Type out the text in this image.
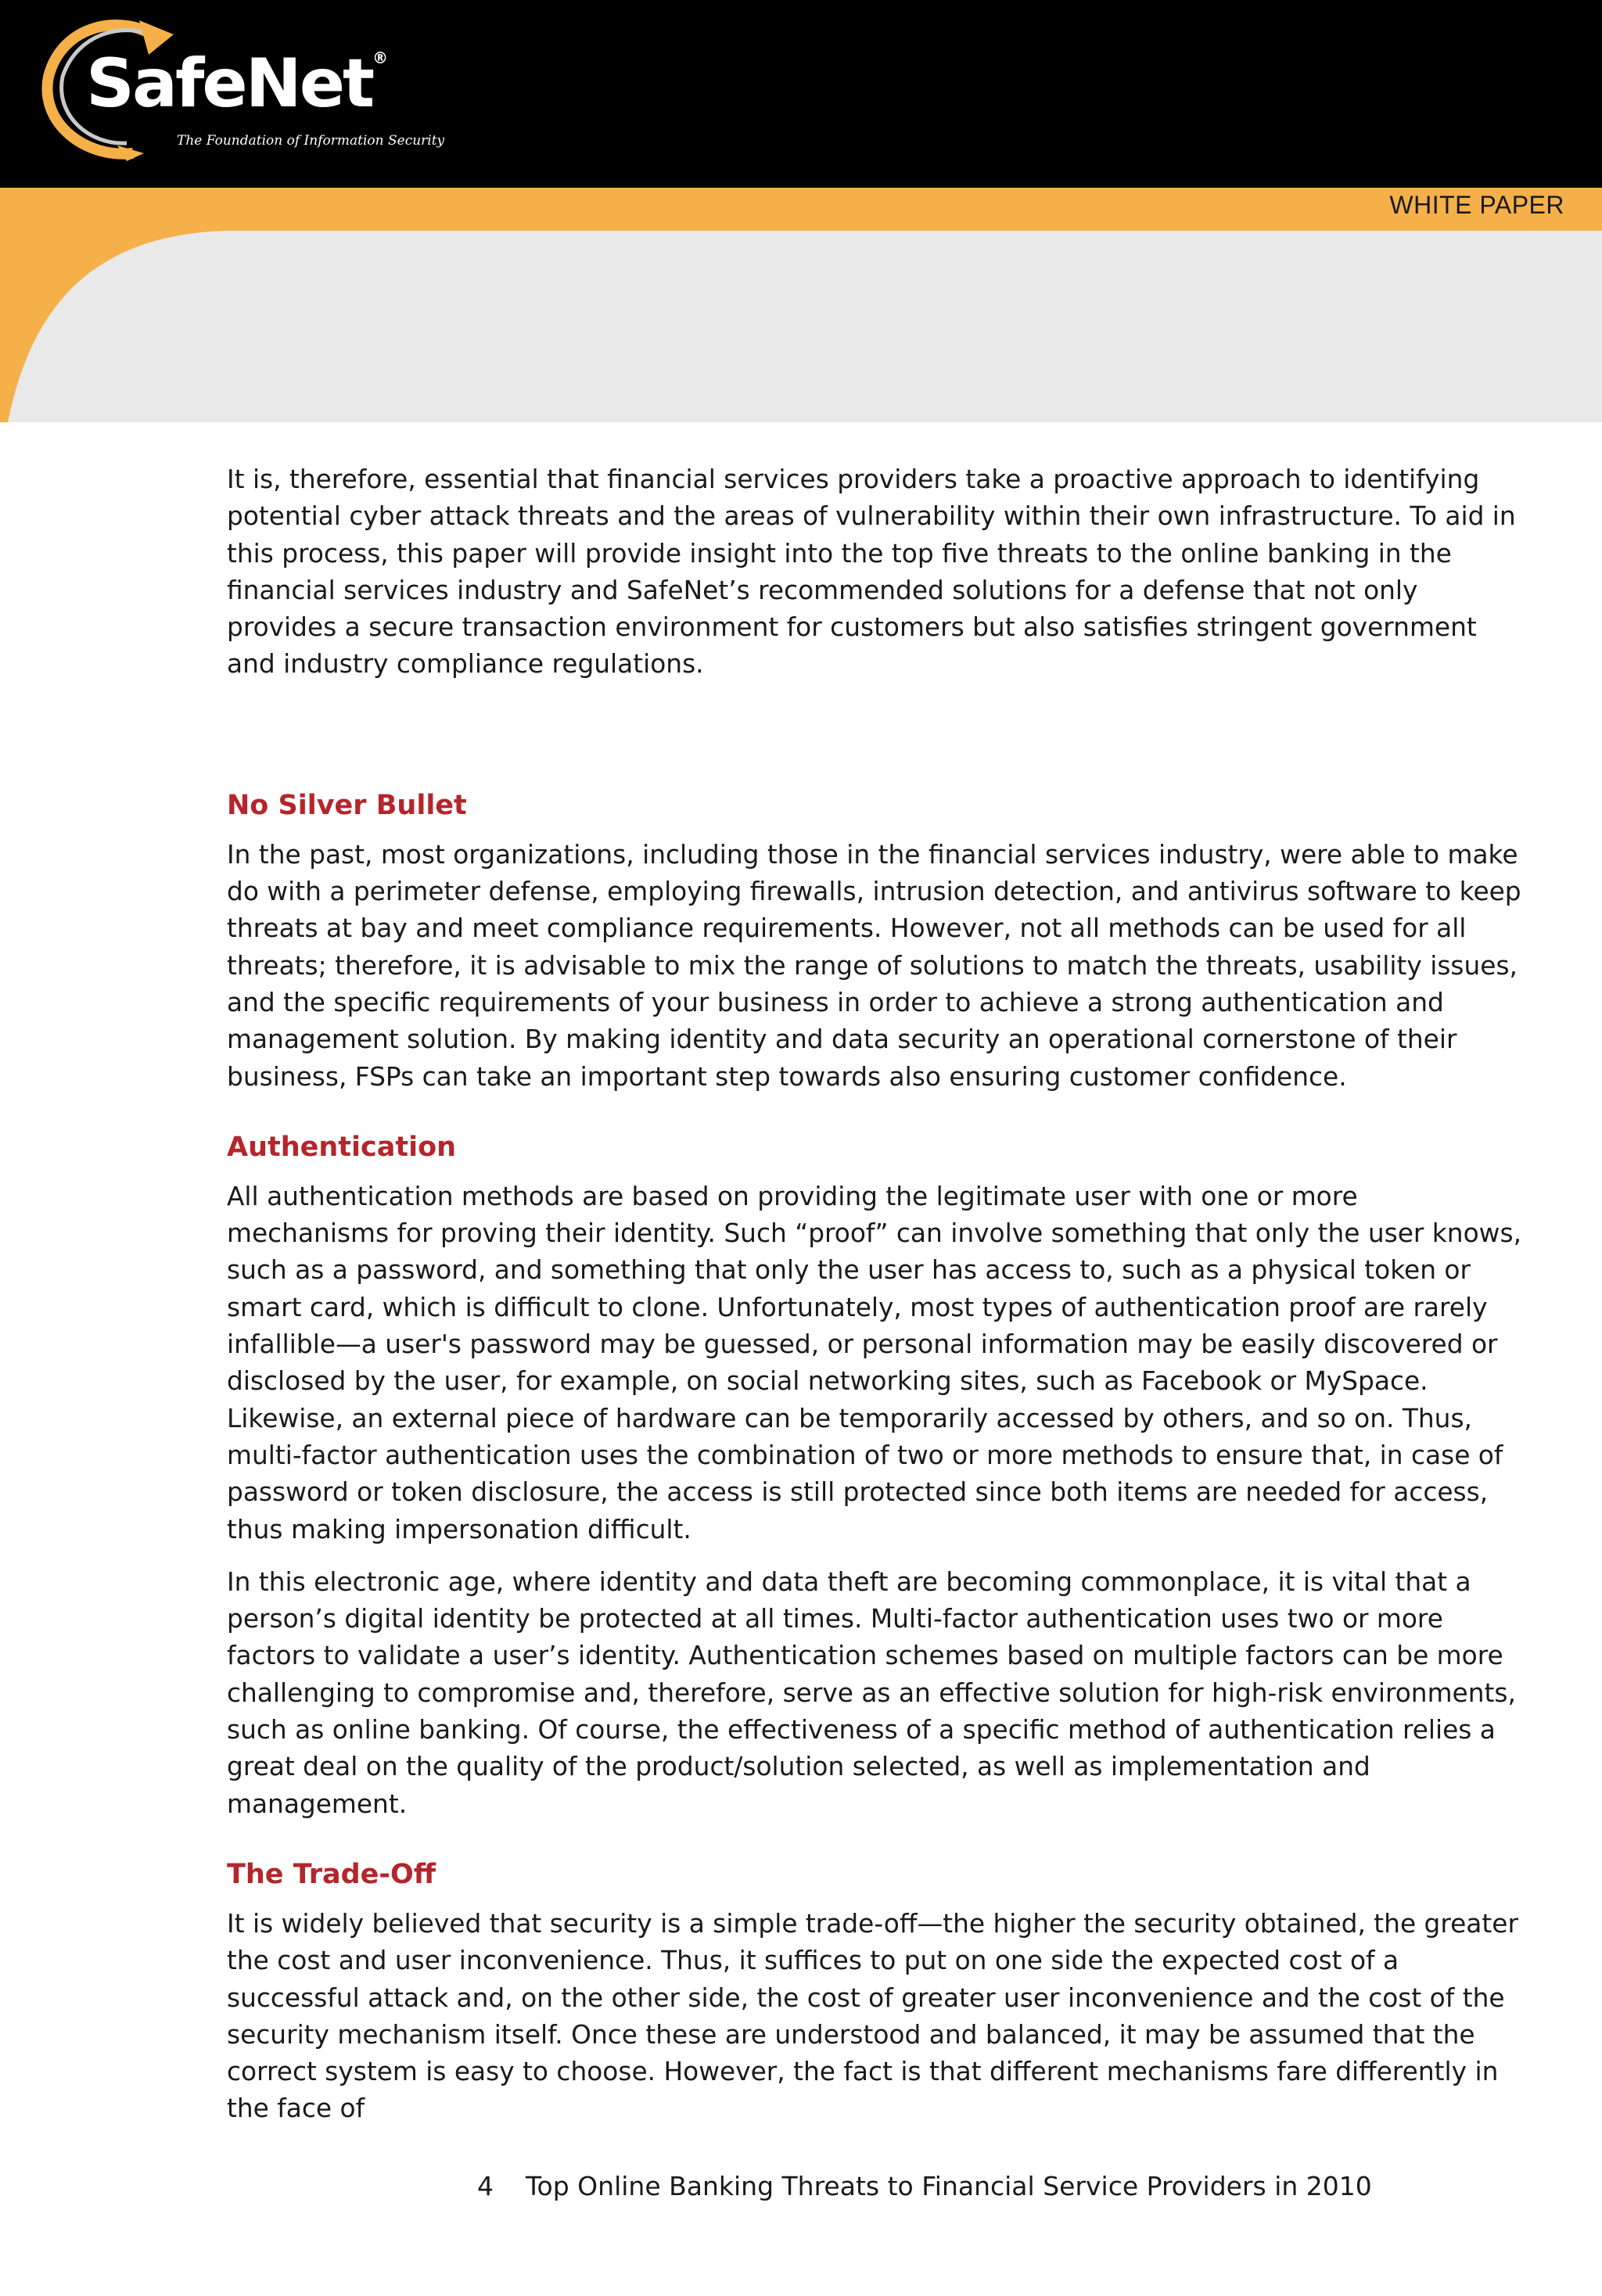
SafeNet®
The Foundation of Information Security
WHITE PAPER

It is, therefore, essential that financial services providers take a proactive approach to identifying potential cyber attack threats and the areas of vulnerability within their own infrastructure. To aid in this process, this paper will provide insight into the top five threats to the online banking in the financial services industry and SafeNet’s recommended solutions for a defense that not only provides a secure transaction environment for customers but also satisfies stringent government and industry compliance regulations.

No Silver Bullet

In the past, most organizations, including those in the financial services industry, were able to make do with a perimeter defense, employing firewalls, intrusion detection, and antivirus software to keep threats at bay and meet compliance requirements. However, not all methods can be used for all threats; therefore, it is advisable to mix the range of solutions to match the threats, usability issues, and the specific requirements of your business in order to achieve a strong authentication and management solution. By making identity and data security an operational cornerstone of their business, FSPs can take an important step towards also ensuring customer confidence.

Authentication

All authentication methods are based on providing the legitimate user with one or more mechanisms for proving their identity. Such “proof” can involve something that only the user knows, such as a password, and something that only the user has access to, such as a physical token or smart card, which is difficult to clone. Unfortunately, most types of authentication proof are rarely infallible—a user's password may be guessed, or personal information may be easily discovered or disclosed by the user, for example, on social networking sites, such as Facebook or MySpace. Likewise, an external piece of hardware can be temporarily accessed by others, and so on. Thus, multi-factor authentication uses the combination of two or more methods to ensure that, in case of password or token disclosure, the access is still protected since both items are needed for access, thus making impersonation difficult.

In this electronic age, where identity and data theft are becoming commonplace, it is vital that a person’s digital identity be protected at all times. Multi-factor authentication uses two or more factors to validate a user’s identity. Authentication schemes based on multiple factors can be more challenging to compromise and, therefore, serve as an effective solution for high-risk environments, such as online banking. Of course, the effectiveness of a specific method of authentication relies a great deal on the quality of the product/solution selected, as well as implementation and management.

The Trade-Off

It is widely believed that security is a simple trade-off—the higher the security obtained, the greater the cost and user inconvenience. Thus, it suffices to put on one side the expected cost of a successful attack and, on the other side, the cost of greater user inconvenience and the cost of the security mechanism itself. Once these are understood and balanced, it may be assumed that the correct system is easy to choose. However, the fact is that different mechanisms fare differently in the face of

4 Top Online Banking Threats to Financial Service Providers in 2010
